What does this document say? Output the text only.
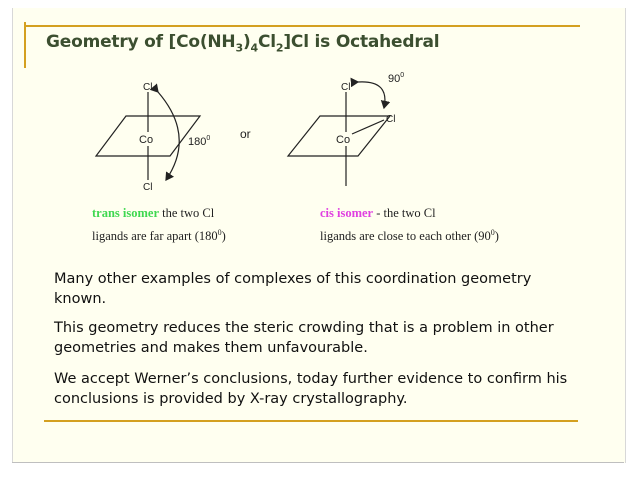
Geometry of $[Co(NH_3)_4Cl_2]Cl$ is Octahedral
Cl
Co
Cl
$180^0$ or
Cl
Co
Cl
$90^0$
trans isomer the two Cl
ligands are far apart $(180^0)$
cis isomer - the two Cl
ligands are close to each other $(90^0)$
Many other examples of complexes of this coordination geometry known.
This geometry reduces the steric crowding that is a problem in other geometries and makes them unfavourable.
We accept Werner’s conclusions, today further evidence to confirm his conclusions is provided by X-ray crystallography.
